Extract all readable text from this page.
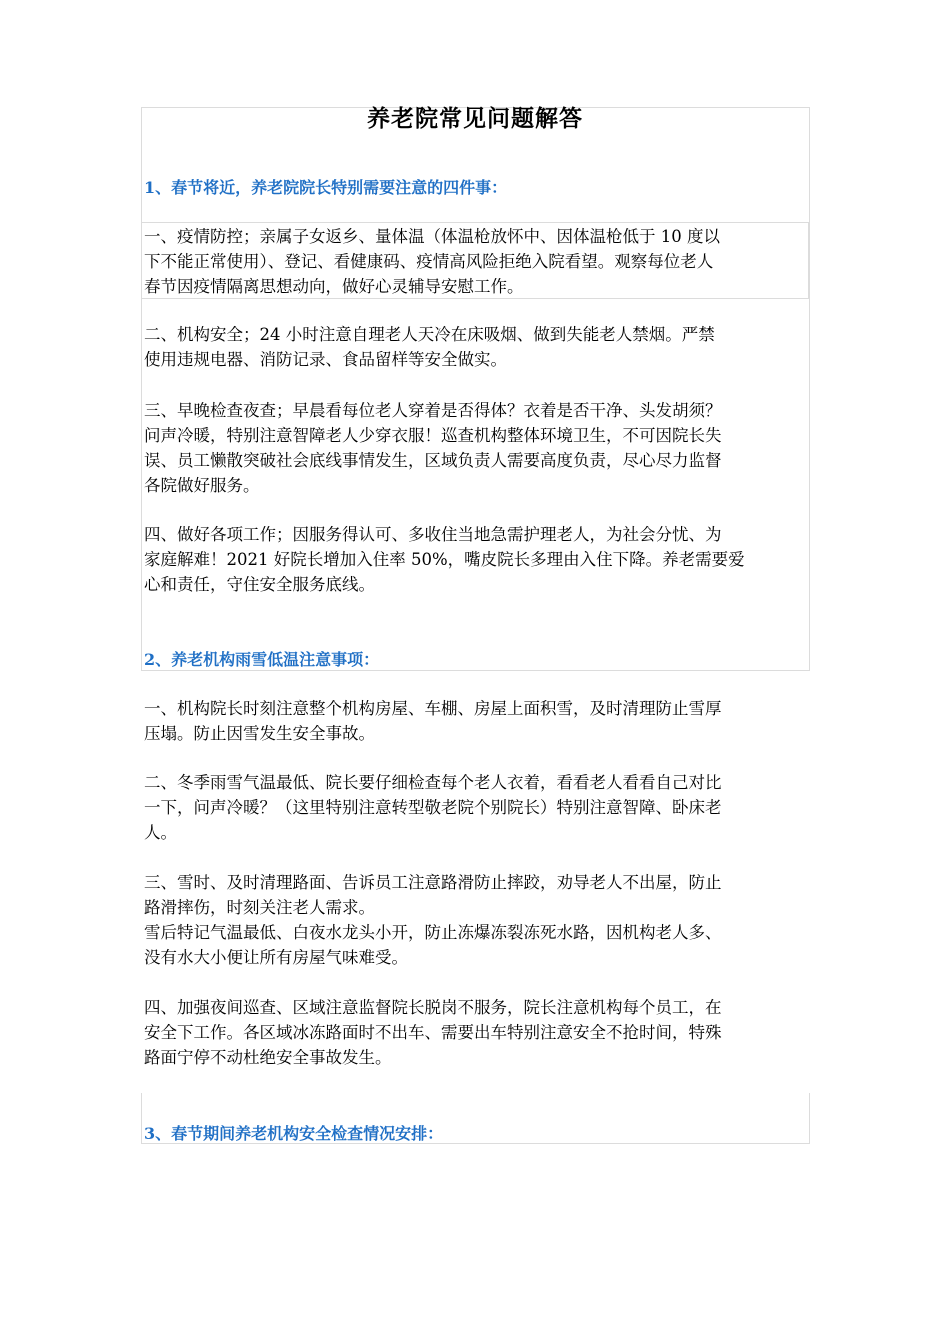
养老院常见问题解答
1、春节将近，养老院院长特别需要注意的四件事：
一、疫情防控；亲属子女返乡、量体温（体温枪放怀中、因体温枪低于 10 度以
下不能正常使用）、登记、看健康码、疫情高风险拒绝入院看望。观察每位老人
春节因疫情隔离思想动向，做好心灵辅导安慰工作。
二、机构安全；24 小时注意自理老人天冷在床吸烟、做到失能老人禁烟。严禁
使用违规电器、消防记录、食品留样等安全做实。
三、早晚检查夜查；早晨看每位老人穿着是否得体？衣着是否干净、头发胡须？
问声冷暖，特别注意智障老人少穿衣服！巡查机构整体环境卫生，不可因院长失
误、员工懒散突破社会底线事情发生，区域负责人需要高度负责，尽心尽力监督
各院做好服务。
四、做好各项工作；因服务得认可、多收住当地急需护理老人，为社会分忧、为
家庭解难！2021 好院长增加入住率 50%，嘴皮院长多理由入住下降。养老需要爱
心和责任，守住安全服务底线。
2、养老机构雨雪低温注意事项：
一、机构院长时刻注意整个机构房屋、车棚、房屋上面积雪，及时清理防止雪厚
压塌。防止因雪发生安全事故。
二、冬季雨雪气温最低、院长要仔细检查每个老人衣着，看看老人看看自己对比
一下，问声冷暖？（这里特别注意转型敬老院个别院长）特别注意智障、卧床老
人。
三、雪时、及时清理路面、告诉员工注意路滑防止摔跤，劝导老人不出屋，防止
路滑摔伤，时刻关注老人需求。
雪后特记气温最低、白夜水龙头小开，防止冻爆冻裂冻死水路，因机构老人多、
没有水大小便让所有房屋气味难受。
四、加强夜间巡查、区域注意监督院长脱岗不服务，院长注意机构每个员工，在
安全下工作。各区域冰冻路面时不出车、需要出车特别注意安全不抢时间，特殊
路面宁停不动杜绝安全事故发生。
3、春节期间养老机构安全检查情况安排：
